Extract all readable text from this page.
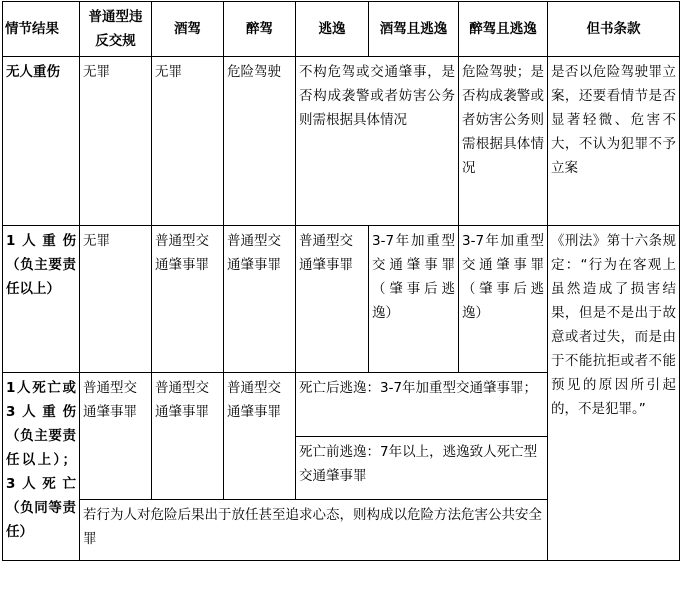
情节结果	普通型违反交规	酒驾	醉驾	逃逸	酒驾且逃逸	醉驾且逃逸	但书条款
无人重伤	无罪	无罪	危险驾驶	不构危驾或交通肇事，是否构成袭警或者妨害公务则需根据具体情况		危险驾驶；是否构成袭警或者妨害公务则需根据具体情况	是否以危险驾驶罪立案，还要看情节是否显著轻微、危害不大，不认为犯罪不予立案
1人重伤（负主要责任以上）	无罪	普通型交通肇事罪	普通型交通肇事罪	普通型交通肇事罪	3-7年加重型交通肇事罪（肇事后逃逸）	3-7年加重型交通肇事罪（肇事后逃逸）	《刑法》第十六条规定：“行为在客观上虽然造成了损害结果，但是不是出于故意或者过失，而是由于不能抗拒或者不能预见的原因所引起的，不是犯罪。”
1人死亡或3人重伤（负主要责任以上）；3人死亡（负同等责任）	普通型交通肇事罪	普通型交通肇事罪	普通型交通肇事罪	死亡后逃逸：3-7年加重型交通肇事罪；			
				死亡前逃逸：7年以上，逃逸致人死亡型交通肇事罪			
	若行为人对危险后果出于放任甚至追求心态，则构成以危险方法危害公共安全罪						
